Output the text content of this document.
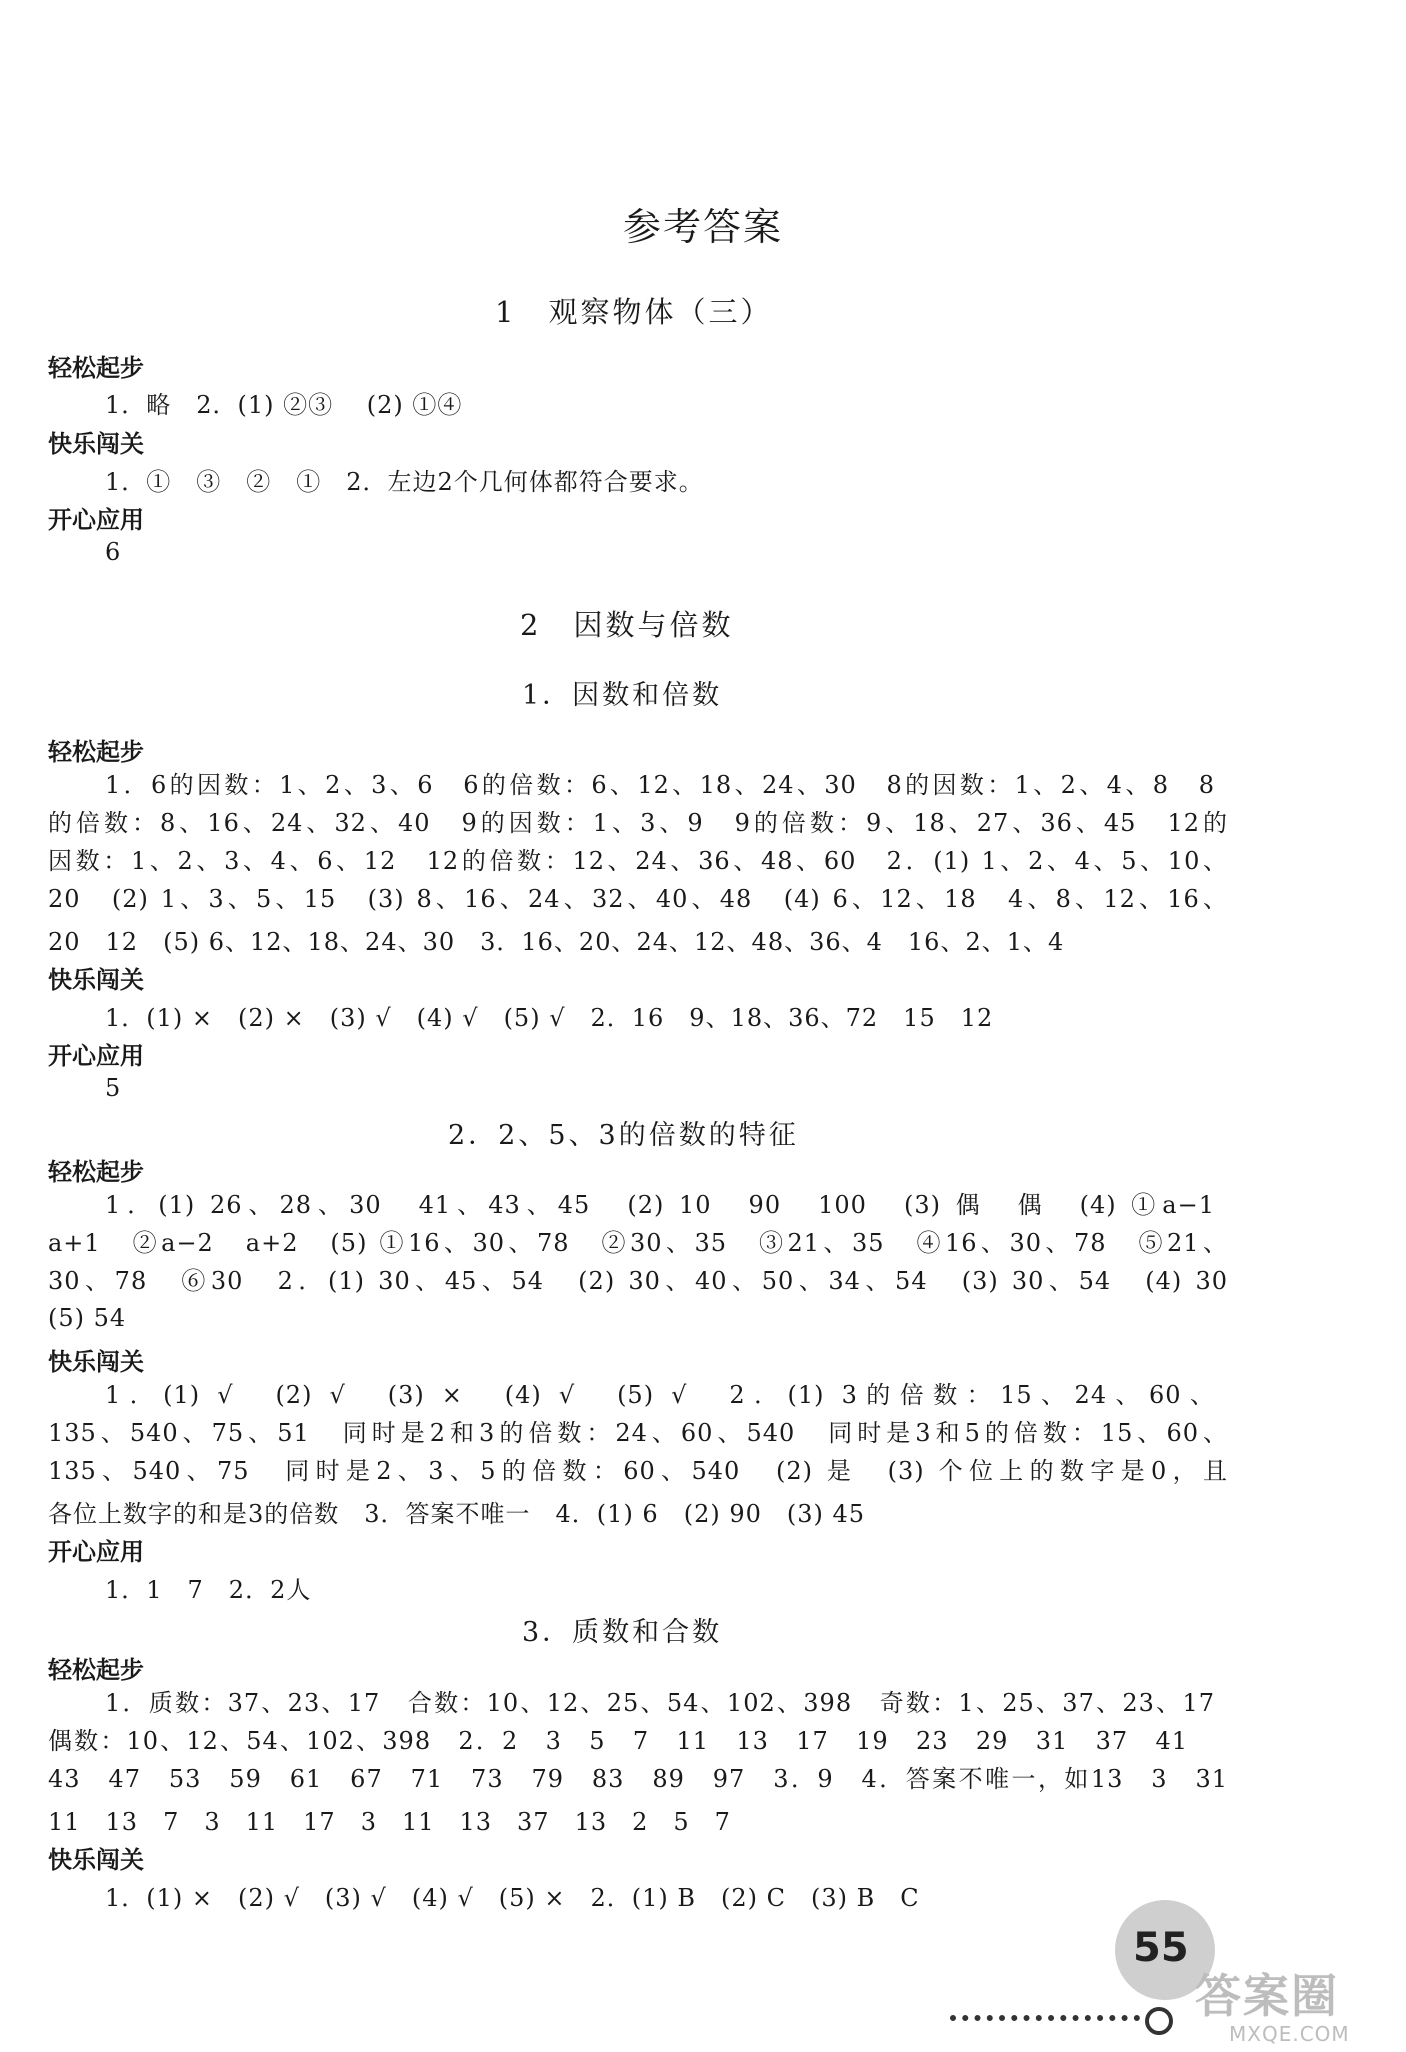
参考答案
1　观察物体（三）
轻松起步
1．略　2．(1) ②③　 (2) ①④
快乐闯关
1．①　③　②　①　2．左边2个几何体都符合要求。
开心应用
6
2　因数与倍数
1．因数和倍数
轻松起步
1．6的因数：1、2、3、6　6的倍数：6、12、18、24、30　8的因数：1、2、4、8　8
的倍数：8、16、24、32、40　9的因数：1、3、9　9的倍数：9、18、27、36、45　12的
因数：1、2、3、4、6、12　12的倍数：12、24、36、48、60　2．(1) 1、2、4、5、10、
20　(2) 1、3、5、15　(3) 8、16、24、32、40、48　(4) 6、12、18　4、8、12、16、
20　12　(5) 6、12、18、24、30　3．16、20、24、12、48、36、4　16、2、1、4
快乐闯关
1．(1) ×　(2) ×　(3) √　(4) √　(5) √　2．16　9、18、36、72　15　12
开心应用
5
2．2、5、3的倍数的特征
轻松起步
1．(1) 26、28、30　41、43、45　(2) 10　90　100　(3) 偶　偶　(4) ①a−1
a+1　②a−2　a+2　(5) ①16、30、78　②30、35　③21、35　④16、30、78　⑤21、
30、78　⑥30　2．(1) 30、45、54　(2) 30、40、50、34、54　(3) 30、54　(4) 30
(5) 54
快乐闯关
1．(1) √　(2) √　(3) ×　(4) √　(5) √　2．(1) 3的倍数：15、24、60、
135、540、75、51　同时是2和3的倍数：24、60、540　同时是3和5的倍数：15、60、
135、540、75　同时是2、3、5的倍数：60、540　(2) 是　(3) 个位上的数字是0，且
各位上数字的和是3的倍数　3．答案不唯一　4．(1) 6　(2) 90　(3) 45
开心应用
1．1　7　2．2人
3．质数和合数
轻松起步
1．质数：37、23、17　合数：10、12、25、54、102、398　奇数：1、25、37、23、17
偶数：10、12、54、102、398　2．2　3　5　7　11　13　17　19　23　29　31　37　41
43　47　53　59　61　67　71　73　79　83　89　97　3．9　4．答案不唯一，如13　3　31
11　13　7　3　11　17　3　11　13　37　13　2　5　7
快乐闯关
1．(1) ×　(2) √　(3) √　(4) √　(5) ×　2．(1) B　(2) C　(3) B　C
55
答案圈
MXQE.COM
